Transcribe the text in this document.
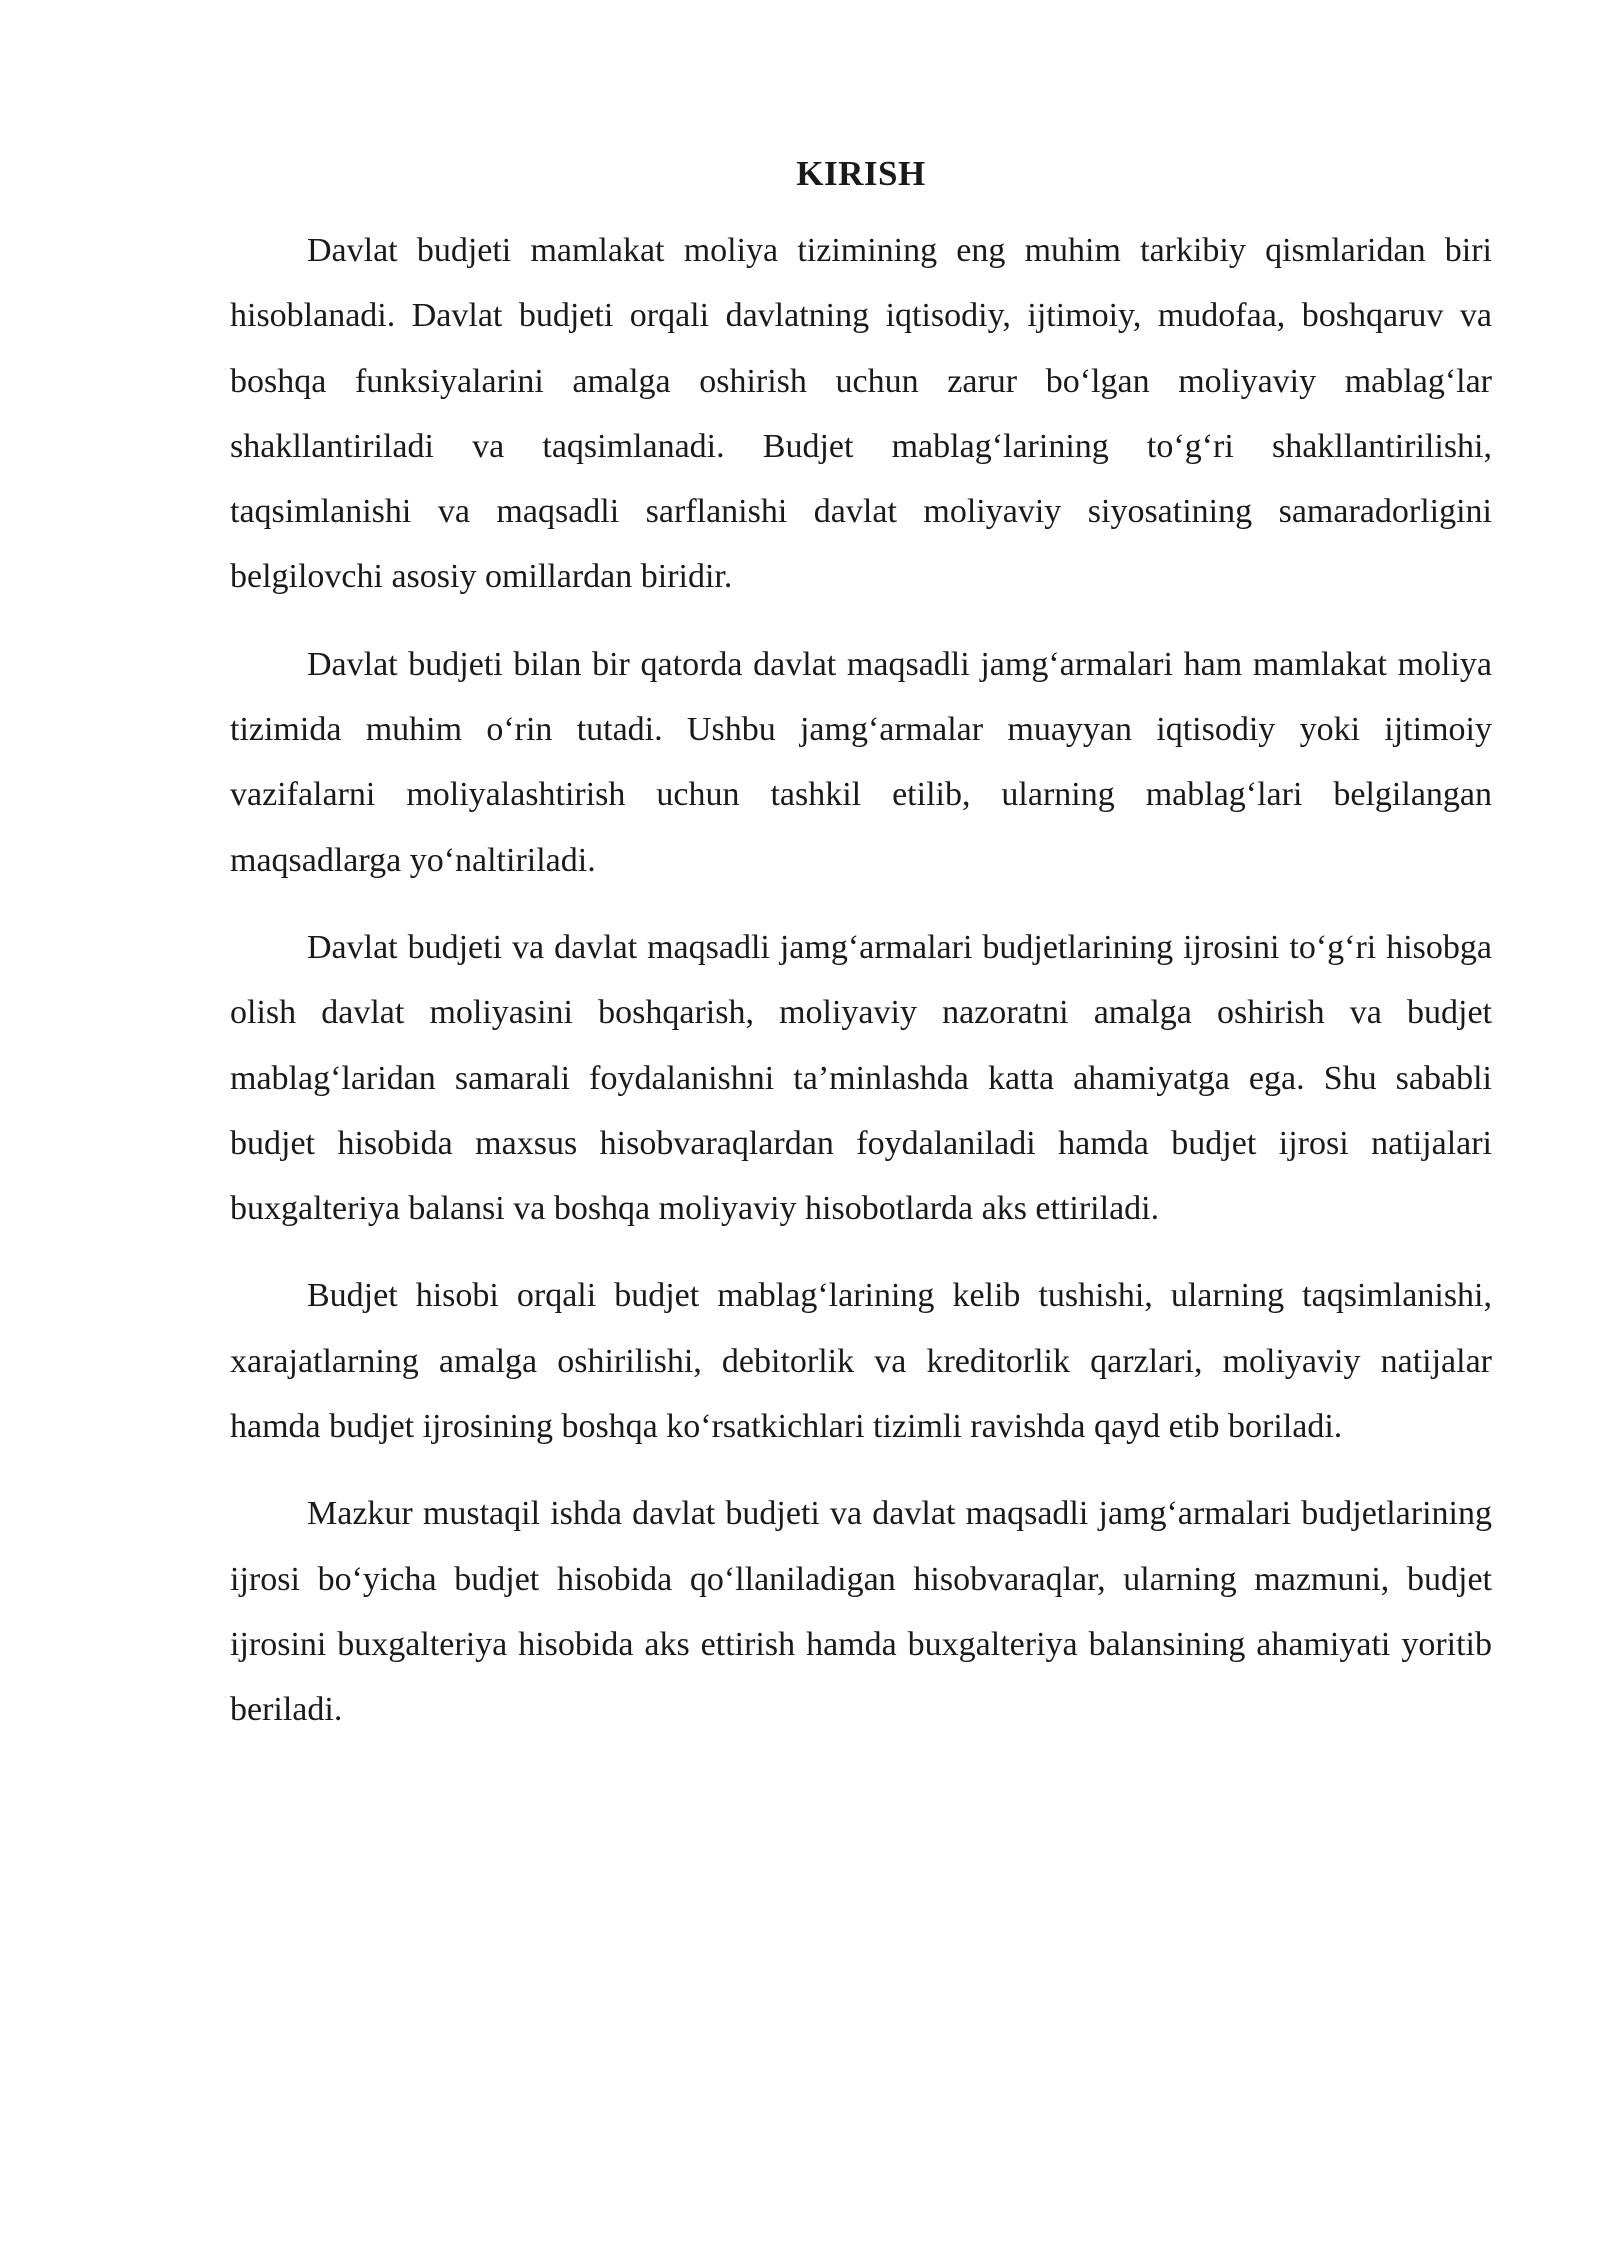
KIRISH

Davlat budjeti mamlakat moliya tizimining eng muhim tarkibiy qismlaridan biri hisoblanadi. Davlat budjeti orqali davlatning iqtisodiy, ijtimoiy, mudofaa, boshqaruv va boshqa funksiyalarini amalga oshirish uchun zarur bo‘lgan moliyaviy mablag‘lar shakllantiriladi va taqsimlanadi. Budjet mablag‘larining to‘g‘ri shakllantirilishi, taqsimlanishi va maqsadli sarflanishi davlat moliyaviy siyosatining samaradorligini belgilovchi asosiy omillardan biridir.

Davlat budjeti bilan bir qatorda davlat maqsadli jamg‘armalari ham mamlakat moliya tizimida muhim o‘rin tutadi. Ushbu jamg‘armalar muayyan iqtisodiy yoki ijtimoiy vazifalarni moliyalashtirish uchun tashkil etilib, ularning mablag‘lari belgilangan maqsadlarga yo‘naltiriladi.

Davlat budjeti va davlat maqsadli jamg‘armalari budjetlarining ijrosini to‘g‘ri hisobga olish davlat moliyasini boshqarish, moliyaviy nazoratni amalga oshirish va budjet mablag‘laridan samarali foydalanishni ta’minlashda katta ahamiyatga ega. Shu sababli budjet hisobida maxsus hisobvaraqlardan foydalaniladi hamda budjet ijrosi natijalari buxgalteriya balansi va boshqa moliyaviy hisobotlarda aks ettiriladi.

Budjet hisobi orqali budjet mablag‘larining kelib tushishi, ularning taqsimlanishi, xarajatlarning amalga oshirilishi, debitorlik va kreditorlik qarzlari, moliyaviy natijalar hamda budjet ijrosining boshqa ko‘rsatkichlari tizimli ravishda qayd etib boriladi.

Mazkur mustaqil ishda davlat budjeti va davlat maqsadli jamg‘armalari budjetlarining ijrosi bo‘yicha budjet hisobida qo‘llaniladigan hisobvaraqlar, ularning mazmuni, budjet ijrosini buxgalteriya hisobida aks ettirish hamda buxgalteriya balansining ahamiyati yoritib beriladi.
